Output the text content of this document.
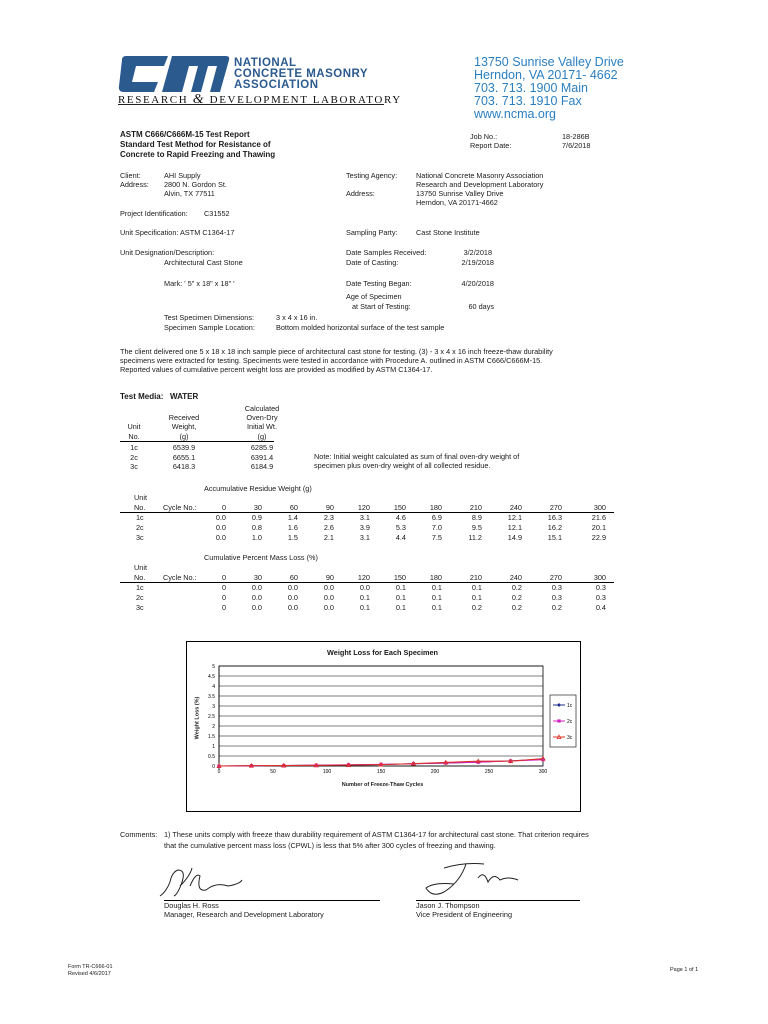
NATIONAL
CONCRETE MASONRY
ASSOCIATION
RESEARCH & DEVELOPMENT LABORATORY
13750 Sunrise Valley Drive
Herndon, VA 20171- 4662
703. 713. 1900 Main
703. 713. 1910 Fax
www.ncma.org
ASTM C666/C666M-15 Test Report
Standard Test Method for Resistance of
Concrete to Rapid Freezing and Thawing
Job No.:	18-286B
Report Date:	7/6/2018
Client:	AHI Supply
Address: 2800 N. Gordon St.
Alvin, TX 77511
Testing Agency:	National Concrete Masonry Association
Research and Development Laboratory
Address:	13750 Sunrise Valley Drive
Herndon, VA 20171-4662
Project Identification: C31552
Unit Specification: ASTM C1364-17	Sampling Party:	Cast Stone Institute
Unit Designation/Description:
Architectural Cast Stone
Mark: ' 5" x 18" x 18" '
Date Samples Received:	3/2/2018
Date of Casting:	2/19/2018
Date Testing Began:	4/20/2018
Age of Specimen
at Start of Testing:	60 days
Test Specimen Dimensions:	3 x 4 x 16 in.
Specimen Sample Location:	Bottom molded horizontal surface of the test sample
The client delivered one 5 x 18 x 18 inch sample piece of architectural cast stone for testing. (3) - 3 x 4 x 16 inch freeze-thaw durability
specimens were extracted for testing. Speciments were tested in accordance with Procedure A. outlined in ASTM C666/C666M-15.
Reported values of cumulative percent weight loss are provided as modified by ASTM C1364-17.
Test Media: WATER
Calculated
Received	Oven-Dry
Unit	Weight,	Initial Wt.
No.	(g)	(g)
1c	6539.9	6285.9
2c	6655.1	6391.4
3c	6418.3	6184.9
Note: Initial weight calculated as sum of final oven-dry weight of
specimen plus oven-dry weight of all collected residue.
Accumulative Residue Weight (g)
Unit
No. Cycle No.:	0	30	60	90	120	150	180	210	240	270	300
1c	0.0	0.9	1.4	2.3	3.1	4.6	6.9	8.9	12.1	16.3	21.6
2c	0.0	0.8	1.6	2.6	3.9	5.3	7.0	9.5	12.1	16.2	20.1
3c	0.0	1.0	1.5	2.1	3.1	4.4	7.5	11.2	14.9	15.1	22.9
Cumulative Percent Mass Loss (%)
Unit
No. Cycle No.:	0	30	60	90	120	150	180	210	240	270	300
1c	0	0.0	0.0	0.0	0.0	0.1	0.1	0.1	0.2	0.3	0.3
2c	0	0.0	0.0	0.0	0.1	0.1	0.1	0.1	0.2	0.3	0.3
3c	0	0.0	0.0	0.0	0.1	0.1	0.1	0.2	0.2	0.2	0.4
Weight Loss for Each Specimen
0
0.5
1
1.5
2
2.5
3
3.5
4
4.5
5
0	50	100	150	200	250	300
1c
2c
3c
Number of Freeze-Thaw Cycles
Weight Loss (%)
Comments: 1) These units comply with freeze thaw durability requirement of ASTM C1364-17 for architectural cast stone. That criterion requires
that the cumulative percent mass loss (CPWL) is less that 5% after 300 cycles of freezing and thawing.
Douglas H. Ross
Manager, Research and Development Laboratory
Jason J. Thompson
Vice President of Engineering
Form TR-C666-01
Revised 4/6/2017
Page 1 of 1
